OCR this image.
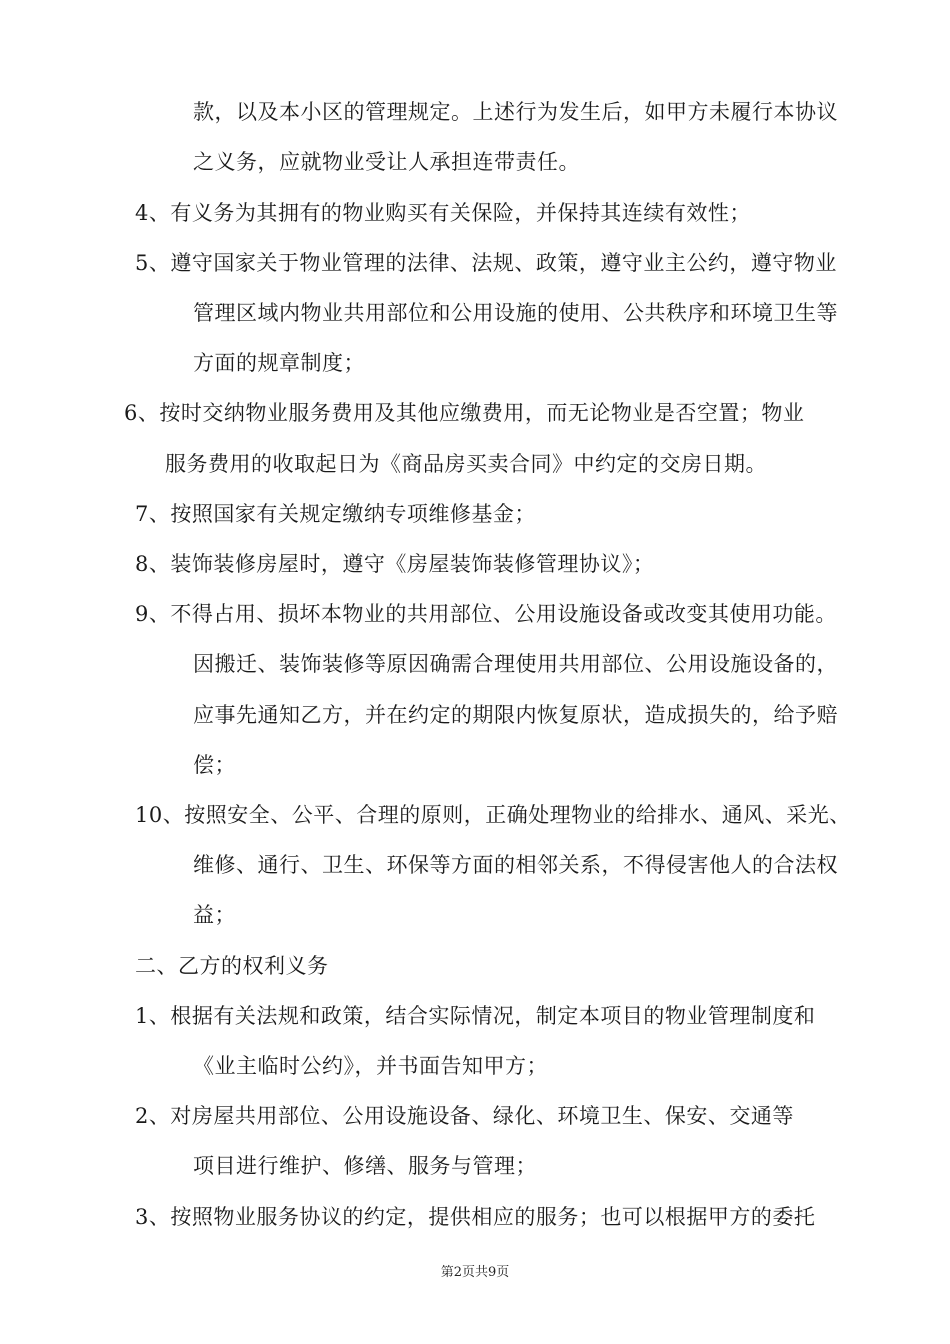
款，以及本小区的管理规定。上述行为发生后，如甲方未履行本协议
之义务，应就物业受让人承担连带责任。
4、有义务为其拥有的物业购买有关保险，并保持其连续有效性；
5、遵守国家关于物业管理的法律、法规、政策，遵守业主公约，遵守物业
管理区域内物业共用部位和公用设施的使用、公共秩序和环境卫生等
方面的规章制度；
6、按时交纳物业服务费用及其他应缴费用，而无论物业是否空置；物业
服务费用的收取起日为《商品房买卖合同》中约定的交房日期。
7、按照国家有关规定缴纳专项维修基金；
8、装饰装修房屋时，遵守《房屋装饰装修管理协议》；
9、不得占用、损坏本物业的共用部位、公用设施设备或改变其使用功能。
因搬迁、装饰装修等原因确需合理使用共用部位、公用设施设备的，
应事先通知乙方，并在约定的期限内恢复原状，造成损失的，给予赔
偿；
10、按照安全、公平、合理的原则，正确处理物业的给排水、通风、采光、
维修、通行、卫生、环保等方面的相邻关系，不得侵害他人的合法权
益；
二、乙方的权利义务
1、根据有关法规和政策，结合实际情况，制定本项目的物业管理制度和
《业主临时公约》，并书面告知甲方；
2、对房屋共用部位、公用设施设备、绿化、环境卫生、保安、交通等
项目进行维护、修缮、服务与管理；
3、按照物业服务协议的约定，提供相应的服务；也可以根据甲方的委托
第2页共9页
